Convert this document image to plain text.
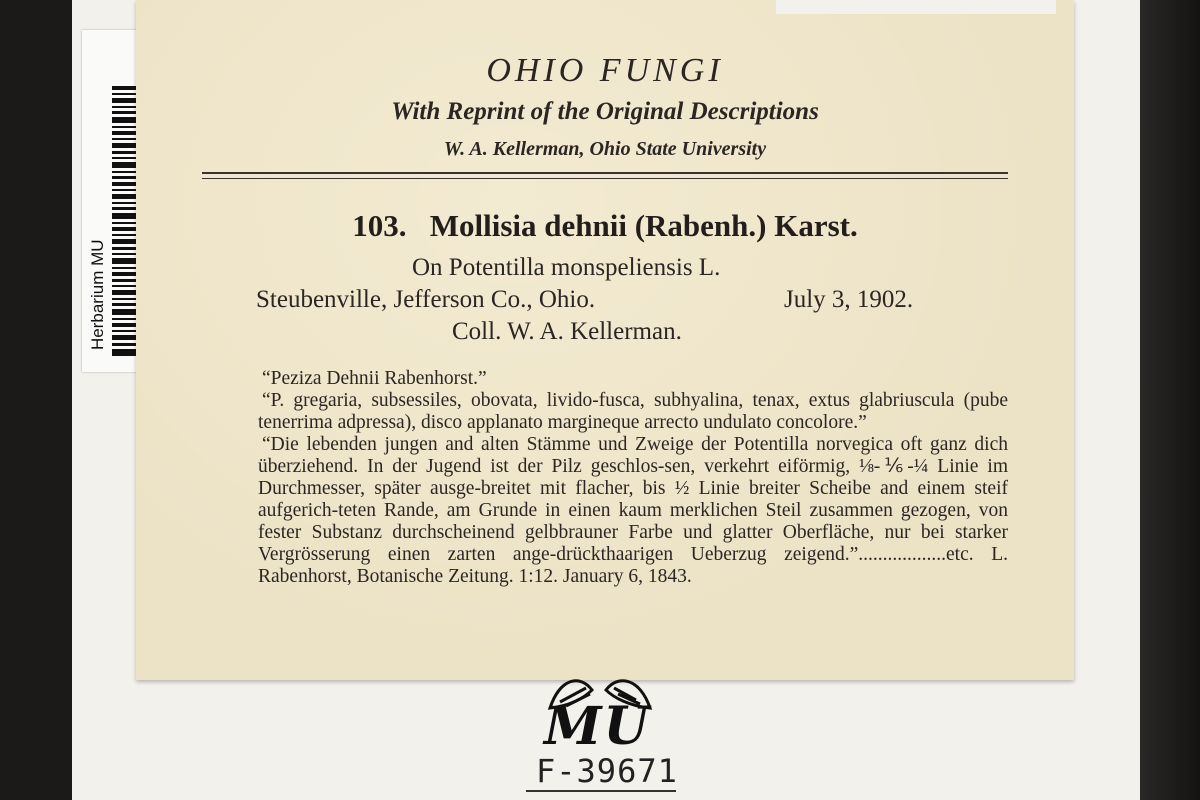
Herbarium MU
OHIO FUNGI
With Reprint of the Original Descriptions
W. A. Kellerman, Ohio State University
103. Mollisia dehnii (Rabenh.) Karst.
On Potentilla monspeliensis L.
Steubenville, Jefferson Co., Ohio.	July 3, 1902.
Coll. W. A. Kellerman.

“Peziza Dehnii Rabenhorst.”

“P. gregaria, subsessiles, obovata, livido-fusca, subhyalina, tenax, extus glabriuscula (pube tenerrima adpressa), disco applanato margineque arrecto undulato concolore.”

“Die lebenden jungen and alten Stämme und Zweige der Potentilla norvegica oft ganz dich überziehend. In der Jugend ist der Pilz geschlos-sen, verkehrt eiförmig, ⅛-⅙-¼ Linie im Durchmesser, später ausge-breitet mit flacher, bis ½ Linie breiter Scheibe and einem steif aufgerich-teten Rande, am Grunde in einen kaum merklichen Steil zusammen gezogen, von fester Substanz durchscheinend gelbbrauner Farbe und glatter Oberfläche, nur bei starker Vergrösserung einen zarten ange-drückthaarigen Ueberzug zeigend.”..................etc. L. Rabenhorst, Botanische Zeitung. 1:12. January 6, 1843.

MU
F-39671
